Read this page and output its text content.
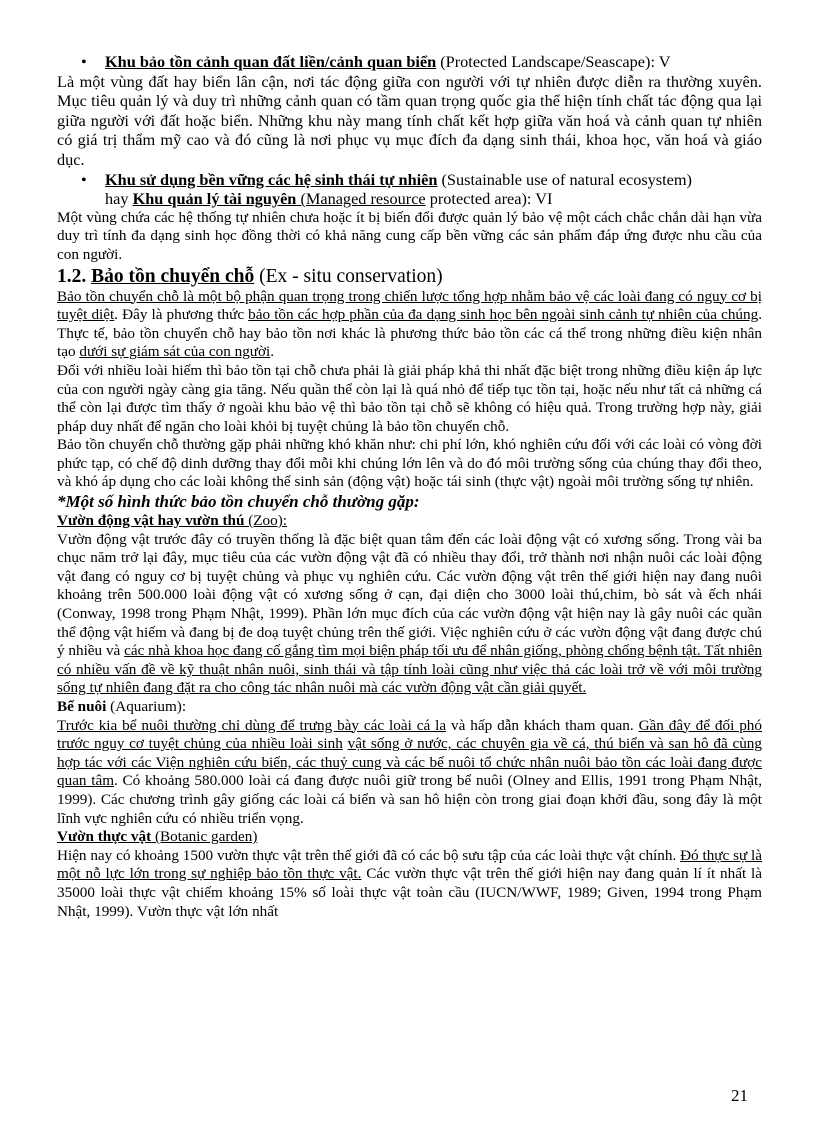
• Khu bảo tồn cảnh quan đất liền/cảnh quan biển (Protected Landscape/Seascape): V

Là một vùng đất hay biển lân cận, nơi tác động giữa con người với tự nhiên được diễn ra thường xuyên. Mục tiêu quản lý và duy trì những cảnh quan có tầm quan trọng quốc gia thể hiện tính chất tác động qua lại giữa người với đất hoặc biển. Những khu này mang tính chất kết hợp giữa văn hoá và cảnh quan tự nhiên có giá trị thẩm mỹ cao và đó cũng là nơi phục vụ mục đích đa dạng sinh thái, khoa học, văn hoá và giáo dục.

• Khu sử dụng bền vững các hệ sinh thái tự nhiên (Sustainable use of natural ecosystem)
hay Khu quản lý tài nguyên (Managed resource protected area): VI

Một vùng chứa các hệ thống tự nhiên chưa hoặc ít bị biến đổi được quản lý bảo vệ một cách chắc chắn dài hạn vừa duy trì tính đa dạng sinh học đồng thời có khả năng cung cấp bền vững các sản phẩm đáp ứng được nhu cầu của con người.

1.2. Bảo tồn chuyển chỗ (Ex - situ conservation)

Bảo tồn chuyển chỗ là một bộ phận quan trọng trong chiến lược tổng hợp nhằm bảo vệ các loài đang có nguy cơ bị tuyệt diệt. Đây là phương thức bảo tồn các hợp phần của đa dạng sinh học bên ngoài sinh cảnh tự nhiên của chúng. Thực tế, bảo tồn chuyển chỗ hay bảo tồn nơi khác là phương thức bảo tồn các cá thể trong những điều kiện nhân tạo dưới sự giám sát của con người.

Đối với nhiều loài hiếm thì bảo tồn tại chỗ chưa phải là giải pháp khả thi nhất đặc biệt trong những điều kiện áp lực của con người ngày càng gia tăng. Nếu quần thể còn lại là quá nhỏ để tiếp tục tồn tại, hoặc nếu như tất cả những cá thể còn lại được tìm thấy ở ngoài khu bảo vệ thì bảo tồn tại chỗ sẽ không có hiệu quả. Trong trường hợp này, giải pháp duy nhất để ngăn cho loài khỏi bị tuyệt chủng là bảo tồn chuyển chỗ.

Bảo tồn chuyển chỗ thường gặp phải những khó khăn như: chi phí lớn, khó nghiên cứu đối với các loài có vòng đời phức tạp, có chế độ dinh dưỡng thay đổi mỗi khi chúng lớn lên và do đó môi trường sống của chúng thay đổi theo, và khó áp dụng cho các loài không thể sinh sản (động vật) hoặc tái sinh (thực vật) ngoài môi trường sống tự nhiên.

*Một số hình thức bảo tồn chuyển chỗ thường gặp:

Vườn động vật hay vườn thú (Zoo):

Vườn động vật trước đây có truyền thống là đặc biệt quan tâm đến các loài động vật có xương sống. Trong vài ba chục năm trở lại đây, mục tiêu của các vườn động vật đã có nhiều thay đổi, trở thành nơi nhận nuôi các loài động vật đang có nguy cơ bị tuyệt chủng và phục vụ nghiên cứu. Các vườn động vật trên thế giới hiện nay đang nuôi khoảng trên 500.000 loài động vật có xương sống ở cạn, đại diện cho 3000 loài thú,chim, bò sát và ếch nhái (Conway, 1998 trong Phạm Nhật, 1999). Phần lớn mục đích của các vườn động vật hiện nay là gây nuôi các quần thể động vật hiếm và đang bị đe doạ tuyệt chủng trên thế giới. Việc nghiên cứu ở các vườn động vật đang được chú ý nhiều và các nhà khoa học đang cố gắng tìm mọi biện pháp tối ưu để nhân giống, phòng chống bệnh tật. Tất nhiên có nhiều vấn đề về kỹ thuật nhân nuôi, sinh thái và tập tính loài cũng như việc thả các loài trở về với môi trường sống tự nhiên đang đặt ra cho công tác nhân nuôi mà các vườn động vật cần giải quyết.

Bể nuôi (Aquarium):

Trước kia bể nuôi thường chỉ dùng để trưng bày các loài cá la và hấp dẫn khách tham quan. Gần đây để đối phó trước nguy cơ tuyệt chủng của nhiều loài sinh vật sống ở nước, các chuyên gia về cá, thú biển và san hô đã cùng hợp tác với các Viện nghiên cứu biển, các thuỷ cung và các bể nuôi tổ chức nhân nuôi bảo tồn các loài đang được quan tâm. Có khoảng 580.000 loài cá đang được nuôi giữ trong bể nuôi (Olney and Ellis, 1991 trong Phạm Nhật, 1999). Các chương trình gây giống các loài cá biển và san hô hiện còn trong giai đoạn khởi đầu, song đây là một lĩnh vực nghiên cứu có nhiều triển vọng.

Vườn thực vật (Botanic garden)

Hiện nay có khoảng 1500 vườn thực vật trên thế giới đã có các bộ sưu tập của các loài thực vật chính. Đó thực sự là một nỗ lực lớn trong sự nghiệp bảo tồn thực vật. Các vườn thực vật trên thế giới hiện nay đang quản lí ít nhất là 35000 loài thực vật chiếm khoảng 15% số loài thực vật toàn cầu (IUCN/WWF, 1989; Given, 1994 trong Phạm Nhật, 1999). Vườn thực vật lớn nhất

21
